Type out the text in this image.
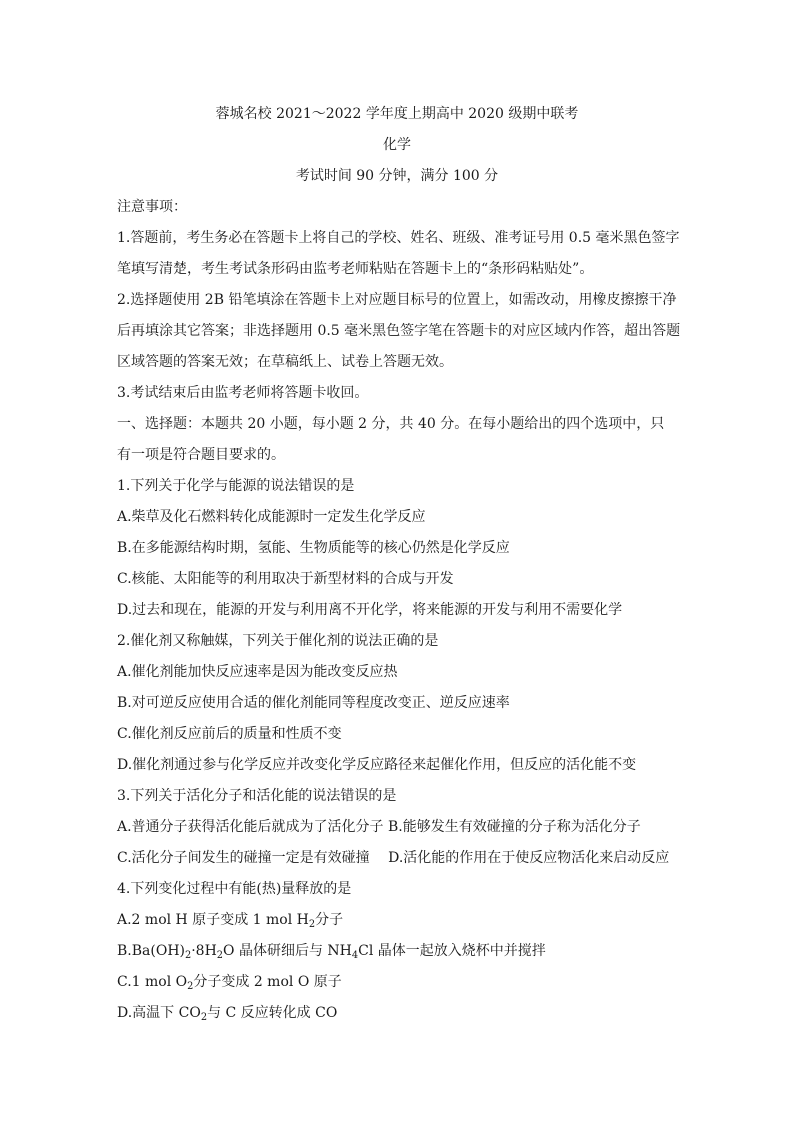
蓉城名校 2021～2022 学年度上期高中 2020 级期中联考
化学
考试时间 90 分钟，满分 100 分
注意事项：
1.答题前，考生务必在答题卡上将自己的学校、姓名、班级、准考证号用 0.5 毫米黑色签字
笔填写清楚，考生考试条形码由监考老师粘贴在答题卡上的“条形码粘贴处”。
2.选择题使用 2B 铅笔填涂在答题卡上对应题目标号的位置上，如需改动，用橡皮擦擦干净
后再填涂其它答案；非选择题用 0.5 毫米黑色签字笔在答题卡的对应区域内作答，超出答题
区域答题的答案无效；在草稿纸上、试卷上答题无效。
3.考试结束后由监考老师将答题卡收回。
一、选择题：本题共 20 小题，每小题 2 分，共 40 分。在每小题给出的四个选项中，只
有一项是符合题目要求的。
1.下列关于化学与能源的说法错误的是
A.柴草及化石燃料转化成能源时一定发生化学反应
B.在多能源结构时期，氢能、生物质能等的核心仍然是化学反应
C.核能、太阳能等的利用取决于新型材料的合成与开发
D.过去和现在，能源的开发与利用离不开化学，将来能源的开发与利用不需要化学
2.催化剂又称触媒，下列关于催化剂的说法正确的是
A.催化剂能加快反应速率是因为能改变反应热
B.对可逆反应使用合适的催化剂能同等程度改变正、逆反应速率
C.催化剂反应前后的质量和性质不变
D.催化剂通过参与化学反应并改变化学反应路径来起催化作用，但反应的活化能不变
3.下列关于活化分子和活化能的说法错误的是
A.普通分子获得活化能后就成为了活化分子 B.能够发生有效碰撞的分子称为活化分子
C.活化分子间发生的碰撞一定是有效碰撞 D.活化能的作用在于使反应物活化来启动反应
4.下列变化过程中有能(热)量释放的是
A.2 mol H 原子变成 1 mol $H_2$分子
$B.Ba(OH)_2\cdot 8H_2O$ 晶体研细后与 $NH_4Cl$ 晶体一起放入烧杯中并搅拌
C.1 mol $O_2$分子变成 2 mol O 原子
D.高温下 $CO_2$与 C 反应转化成 CO
